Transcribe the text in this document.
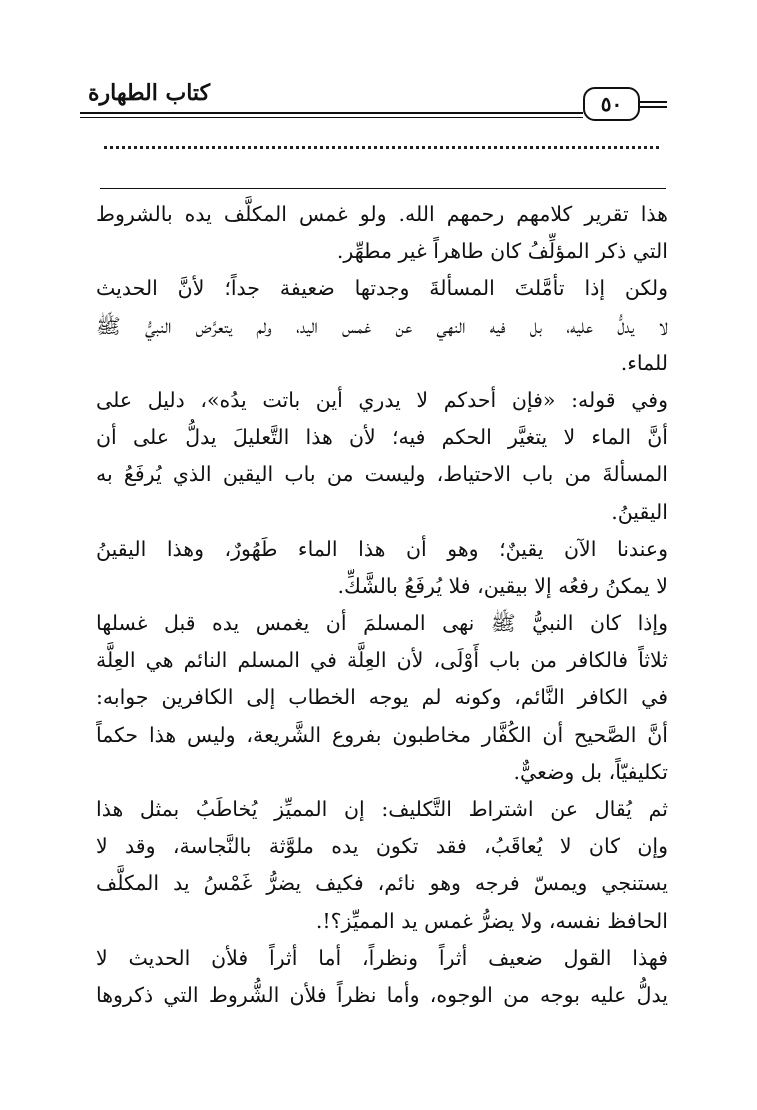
كتاب الطهارة	٥٠
هذا تقرير كلامهم رحمهم الله. ولو غمس المكلَّف يده بالشروط
التي ذكر المؤلِّفُ كان طاهراً غير مطهِّر.
ولكن إذا تأمَّلتَ المسألةَ وجدتها ضعيفة جداً؛ لأنَّ الحديث
لا يدلُّ عليه، بل فيه النهي عن غمس اليد، ولم يتعرَّض النبيُّ ﷺ
للماء.
وفي قوله: «فإن أحدكم لا يدري أين باتت يدُه»، دليل على
أنَّ الماء لا يتغيَّر الحكم فيه؛ لأن هذا التَّعليلَ يدلُّ على أن
المسألةَ من باب الاحتياط، وليست من باب اليقين الذي يُرفَعُ به
اليقينُ.
وعندنا الآن يقينٌ؛ وهو أن هذا الماء طَهُورٌ، وهذا اليقينُ
لا يمكنُ رفعُه إلا بيقين، فلا يُرفَعُ بالشَّكِّ.
وإذا كان النبيُّ ﷺ نهى المسلمَ أن يغمس يده قبل غسلها
ثلاثاً فالكافر من باب أَوْلَى، لأن العِلَّة في المسلم النائم هي العِلَّة
في الكافر النَّائم، وكونه لم يوجه الخطاب إلى الكافرين جوابه:
أنَّ الصَّحيح أن الكُفَّار مخاطبون بفروع الشَّريعة، وليس هذا حكماً
تكليفيّاً، بل وضعيٌّ.
ثم يُقال عن اشتراط التَّكليف: إن المميِّز يُخاطَبُ بمثل هذا
وإن كان لا يُعاقَبُ، فقد تكون يده ملوَّثة بالنَّجاسة، وقد لا
يستنجي ويمسّ فرجه وهو نائم، فكيف يضرُّ غَمْسُ يد المكلَّف
الحافظ نفسه، ولا يضرُّ غمس يد المميِّز؟!.
فهذا القول ضعيف أثراً ونظراً، أما أثراً فلأن الحديث لا
يدلُّ عليه بوجه من الوجوه، وأما نظراً فلأن الشُّروط التي ذكروها
